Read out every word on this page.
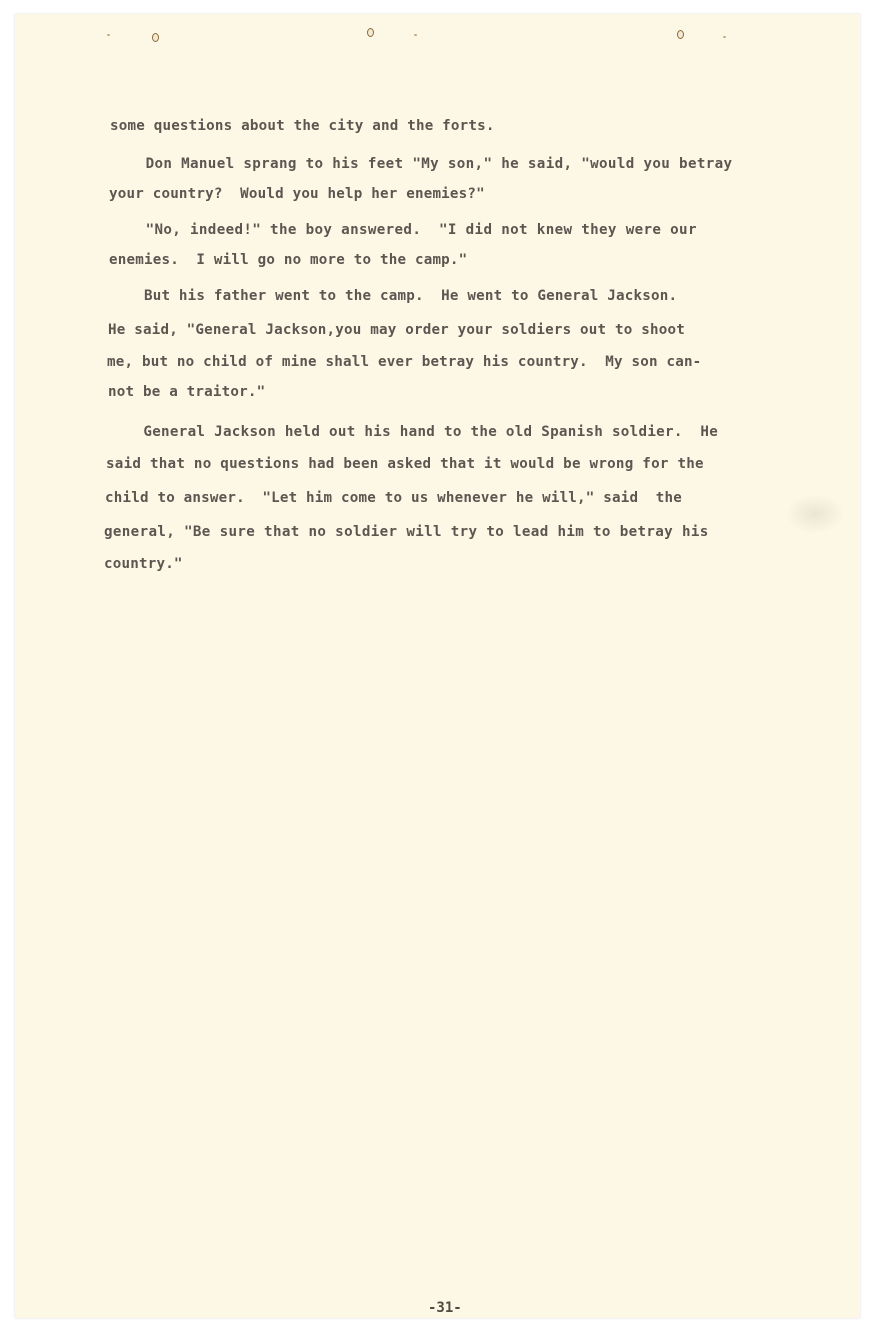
some questions about the city and the forts.
Don Manuel sprang to his feet "My son," he said, "would you betray
your country?  Would you help her enemies?"
"No, indeed!" the boy answered.  "I did not knew they were our
enemies.  I will go no more to the camp."
But his father went to the camp.  He went to General Jackson.
He said, "General Jackson,you may order your soldiers out to shoot
me, but no child of mine shall ever betray his country.  My son can-
not be a traitor."
General Jackson held out his hand to the old Spanish soldier.  He
said that no questions had been asked that it would be wrong for the
child to answer.  "Let him come to us whenever he will," said  the
general, "Be sure that no soldier will try to lead him to betray his
country."
-31-
